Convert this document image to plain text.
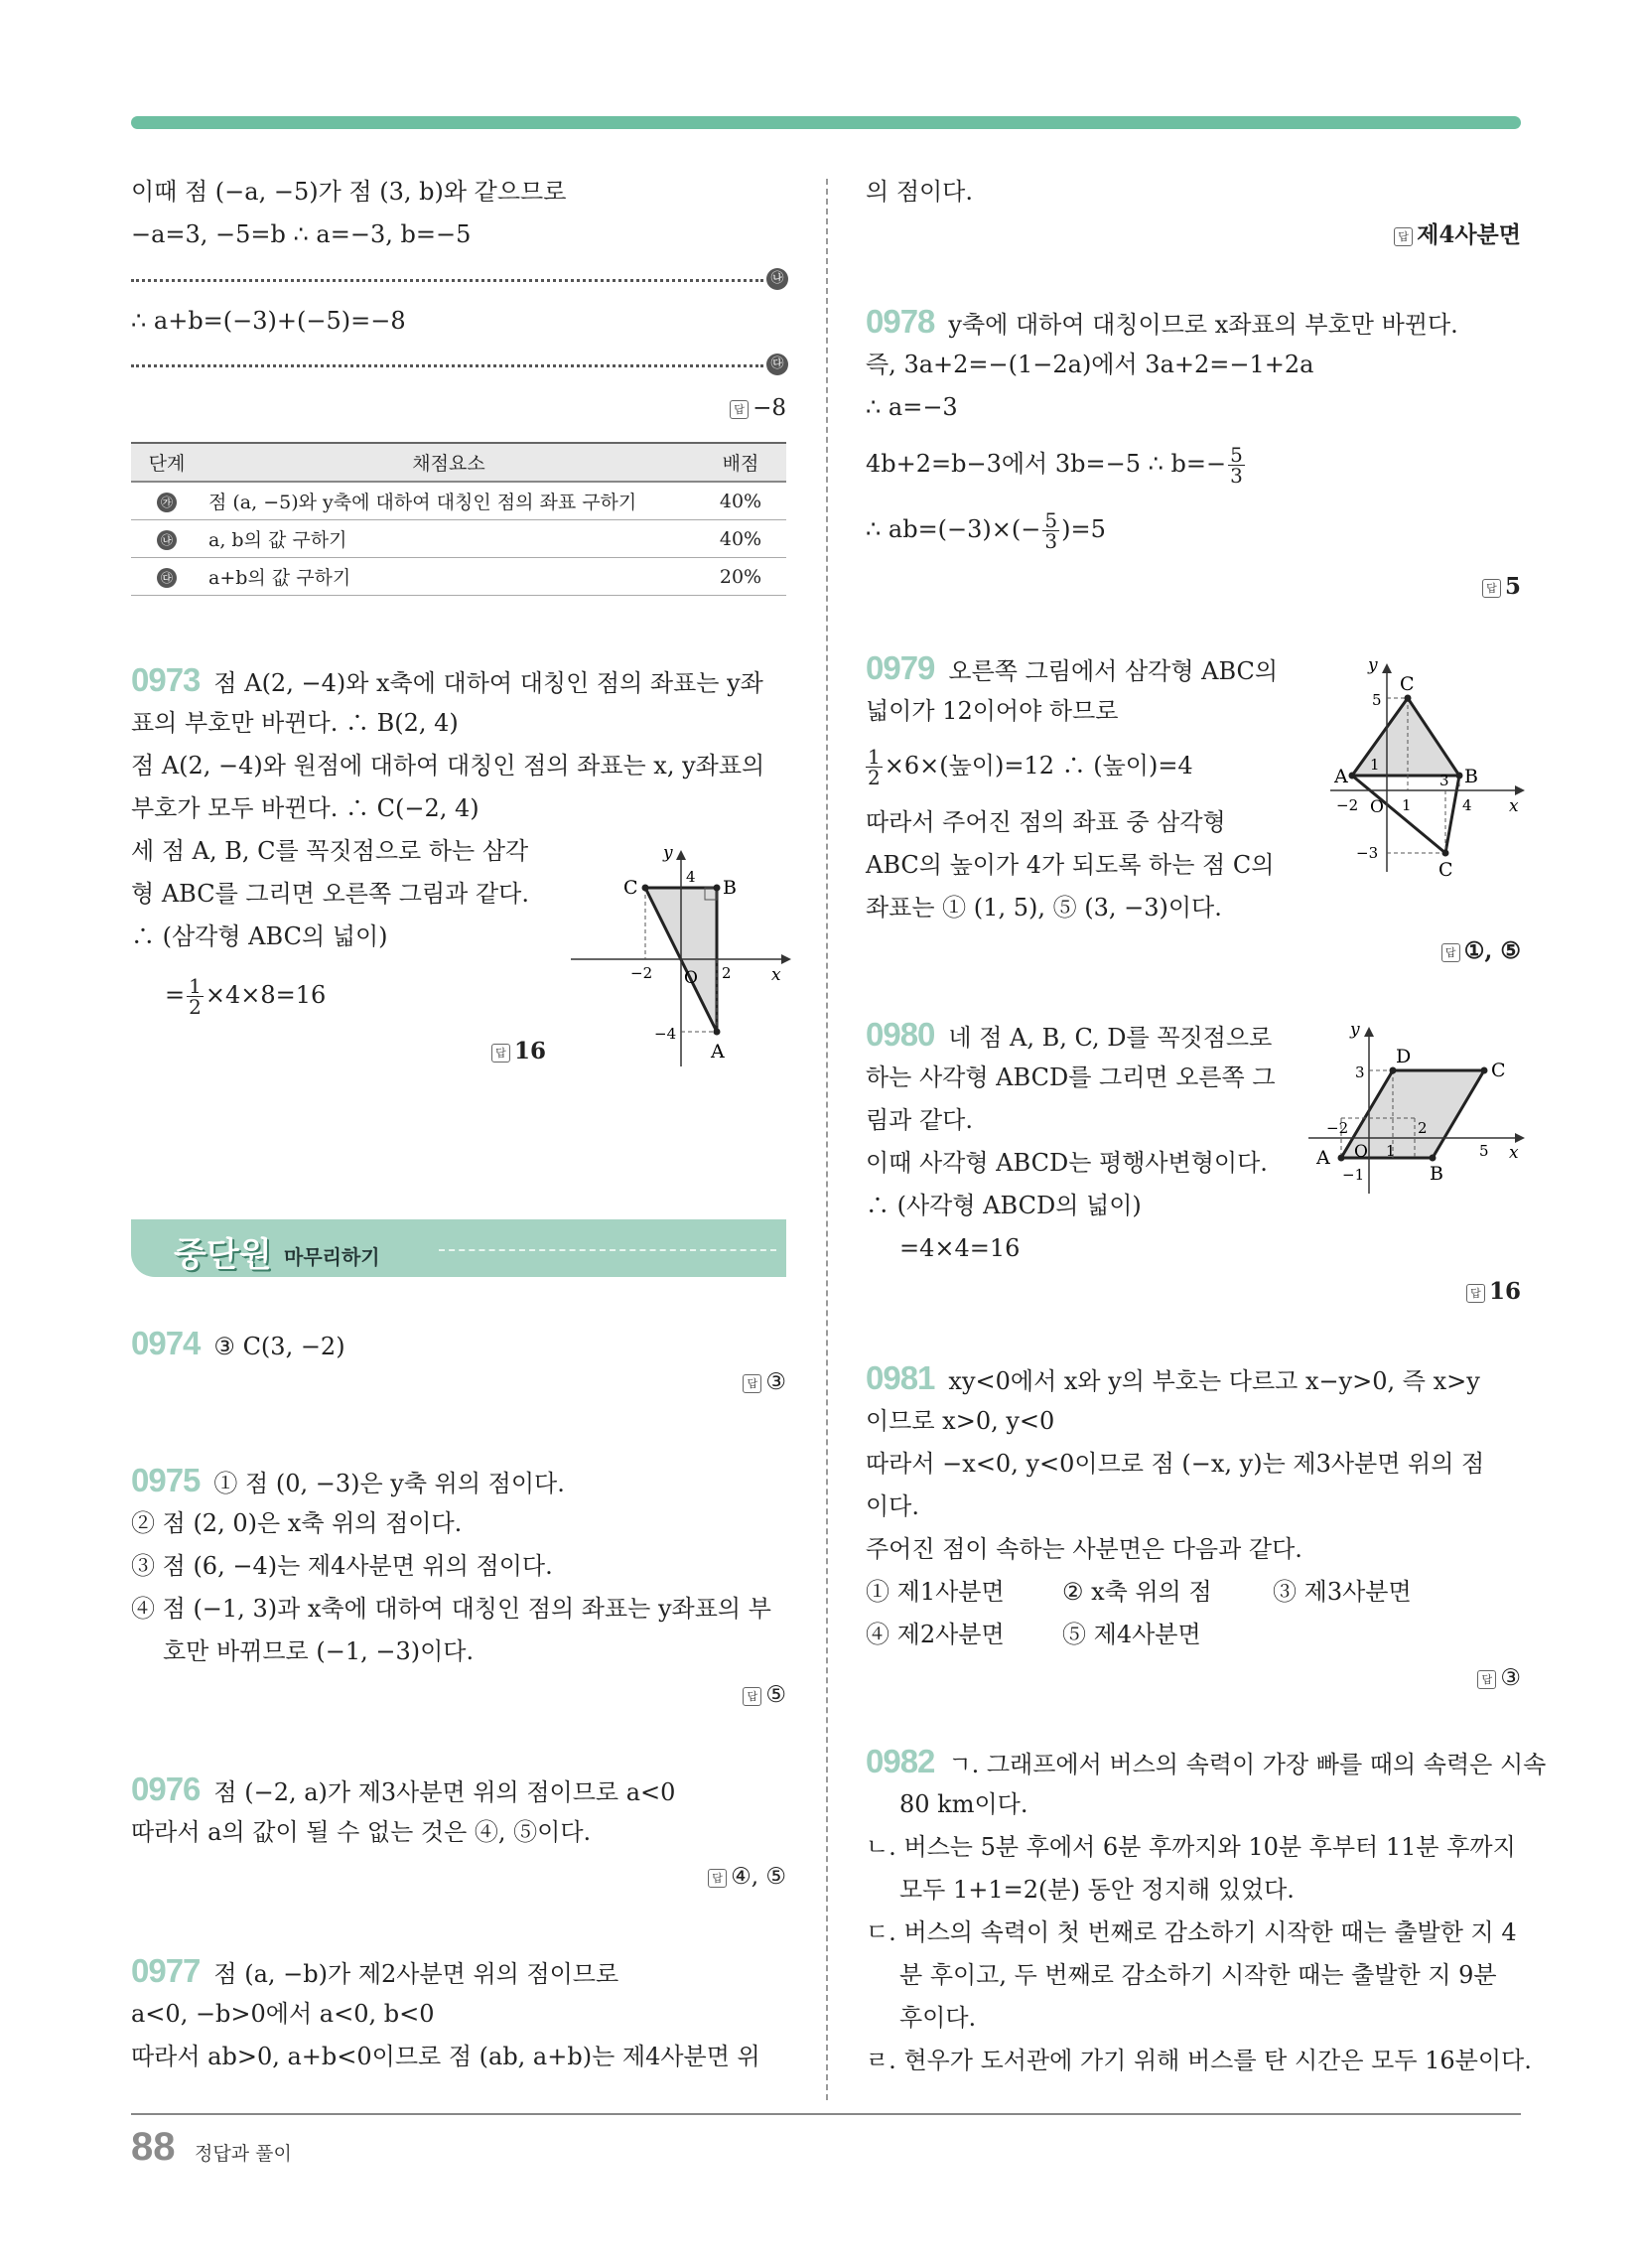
이때 점 (−a, −5)가 점 (3, b)와 같으므로
−a=3, −5=b ∴ a=−3, b=−5
㉯
∴ a+b=(−3)+(−5)=−8
㉰
답 −8
단계	채점요소	배점
㉮	점 (a, −5)와 y축에 대하여 대칭인 점의 좌표 구하기	40%
㉯	a, b의 값 구하기	40%
㉰	a+b의 값 구하기	20%
0973 점 A(2, −4)와 x축에 대하여 대칭인 점의 좌표는 y좌
표의 부호만 바뀐다. ∴ B(2, 4)
점 A(2, −4)와 원점에 대하여 대칭인 점의 좌표는 x, y좌표의
부호가 모두 바뀐다. ∴ C(−2, 4)
세 점 A, B, C를 꼭짓점으로 하는 삼각
형 ABC를 그리면 오른쪽 그림과 같다.
∴ (삼각형 ABC의 넓이)
= $\frac{1}{2} \times 4\times 8=16$
답 16
y
x
O
4
−4
−2	2
A
B
C
중단원 마무리하기
0974 ③ C(3, −2)
답 ③
0975 ① 점 (0, −3)은 y축 위의 점이다.
② 점 (2, 0)은 x축 위의 점이다.
③ 점 (6, −4)는 제4사분면 위의 점이다.
④ 점 (−1, 3)과 x축에 대하여 대칭인 점의 좌표는 y좌표의 부
호만 바뀌므로 (−1, −3)이다.
답 ⑤
0976 점 (−2, a)가 제3사분면 위의 점이므로 a<0
따라서 a의 값이 될 수 없는 것은 ④, ⑤이다.
답 ④, ⑤
0977 점 (a, −b)가 제2사분면 위의 점이므로
a<0, −b>0에서 a<0, b<0
따라서 ab>0, a+b<0이므로 점 (ab, a+b)는 제4사분면 위
의 점이다.
답 제4사분면
0978 y축에 대하여 대칭이므로 x좌표의 부호만 바뀐다.
즉, 3a+2=−(1−2a)에서 3a+2=−1+2a
∴ a=−3
4b+2=b−3에서 3b=−5 ∴ $b=- \frac{5}{3}$
∴ $ab=(-3)\times(- \frac{5}{3} )=5$
답 5
0979 오른쪽 그림에서 삼각형 ABC의
넓이가 12이어야 하므로
$\frac{1}{2} \times 6\times$(높이)=12 ∴ (높이)=4
따라서 주어진 점의 좌표 중 삼각형
ABC의 높이가 4가 되도록 하는 점 C의
좌표는 ① (1, 5), ⑤ (3, −3)이다.
답 ①, ⑤
y
x
O
5
1
1
3
4
−2
−3
A	B
C
C
0980 네 점 A, B, C, D를 꼭짓점으로
하는 사각형 ABCD를 그리면 오른쪽 그
림과 같다.
이때 사각형 ABCD는 평행사변형이다.
∴ (사각형 ABCD의 넓이)
=4×4=16
답 16
y
x
O
3
−2	2
1	5
−1
A
B
C
D
0981 xy<0에서 x와 y의 부호는 다르고 x−y>0, 즉 x>y
이므로 x>0, y<0
따라서 −x<0, y<0이므로 점 (−x, y)는 제3사분면 위의 점
이다.
주어진 점이 속하는 사분면은 다음과 같다.
① 제1사분면 ② x축 위의 점	③ 제3사분면
④ 제2사분면 ⑤ 제4사분면
답 ③
0982 ㄱ. 그래프에서 버스의 속력이 가장 빠를 때의 속력은 시속
80 km이다.
ㄴ. 버스는 5분 후에서 6분 후까지와 10분 후부터 11분 후까지
모두 1+1=2(분) 동안 정지해 있었다.
ㄷ. 버스의 속력이 첫 번째로 감소하기 시작한 때는 출발한 지 4
분 후이고, 두 번째로 감소하기 시작한 때는 출발한 지 9분
후이다.
ㄹ. 현우가 도서관에 가기 위해 버스를 탄 시간은 모두 16분이다.
88 정답과 풀이
